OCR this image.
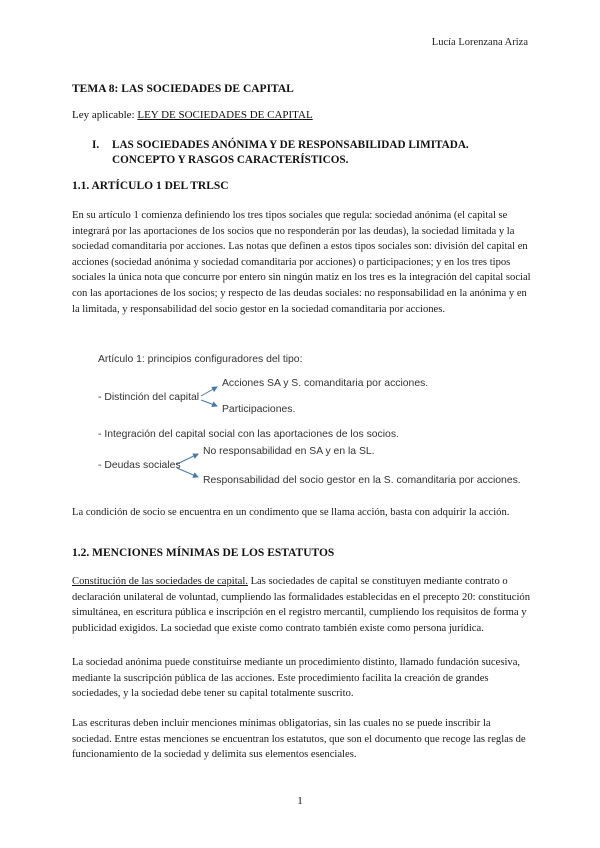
Lucía Lorenzana Ariza
TEMA 8: LAS SOCIEDADES DE CAPITAL
Ley aplicable: LEY DE SOCIEDADES DE CAPITAL
I. LAS SOCIEDADES ANÓNIMA Y DE RESPONSABILIDAD LIMITADA. CONCEPTO Y RASGOS CARACTERÍSTICOS.
1.1. ARTÍCULO 1 DEL TRLSC
En su artículo 1 comienza definiendo los tres tipos sociales que regula: sociedad anónima (el capital se integrará por las aportaciones de los socios que no responderán por las deudas), la sociedad limitada y la sociedad comanditaria por acciones. Las notas que definen a estos tipos sociales son: división del capital en acciones (sociedad anónima y sociedad comanditaria por acciones) o participaciones; y en los tres tipos sociales la única nota que concurre por entero sin ningún matiz en los tres es la integración del capital social con las aportaciones de los socios; y respecto de las deudas sociales: no responsabilidad en la anónima y en la limitada, y responsabilidad del socio gestor en la sociedad comanditaria por acciones.
Artículo 1: principios configuradores del tipo:
- Distinción del capital
Acciones SA y S. comanditaria por acciones.
Participaciones.
- Integración del capital social con las aportaciones de los socios.
- Deudas sociales
No responsabilidad en SA y en la SL.
Responsabilidad del socio gestor en la S. comanditaria por acciones.
La condición de socio se encuentra en un condimento que se llama acción, basta con adquirir la acción.
1.2. MENCIONES MÍNIMAS DE LOS ESTATUTOS
Constitución de las sociedades de capital. Las sociedades de capital se constituyen mediante contrato o declaración unilateral de voluntad, cumpliendo las formalidades establecidas en el precepto 20: constitución simultánea, en escritura pública e inscripción en el registro mercantil, cumpliendo los requisitos de forma y publicidad exigidos. La sociedad que existe como contrato también existe como persona jurídica.
La sociedad anónima puede constituirse mediante un procedimiento distinto, llamado fundación sucesiva, mediante la suscripción pública de las acciones. Este procedimiento facilita la creación de grandes sociedades, y la sociedad debe tener su capital totalmente suscrito.
Las escrituras deben incluir menciones mínimas obligatorias, sin las cuales no se puede inscribir la sociedad. Entre estas menciones se encuentran los estatutos, que son el documento que recoge las reglas de funcionamiento de la sociedad y delimita sus elementos esenciales.
1
